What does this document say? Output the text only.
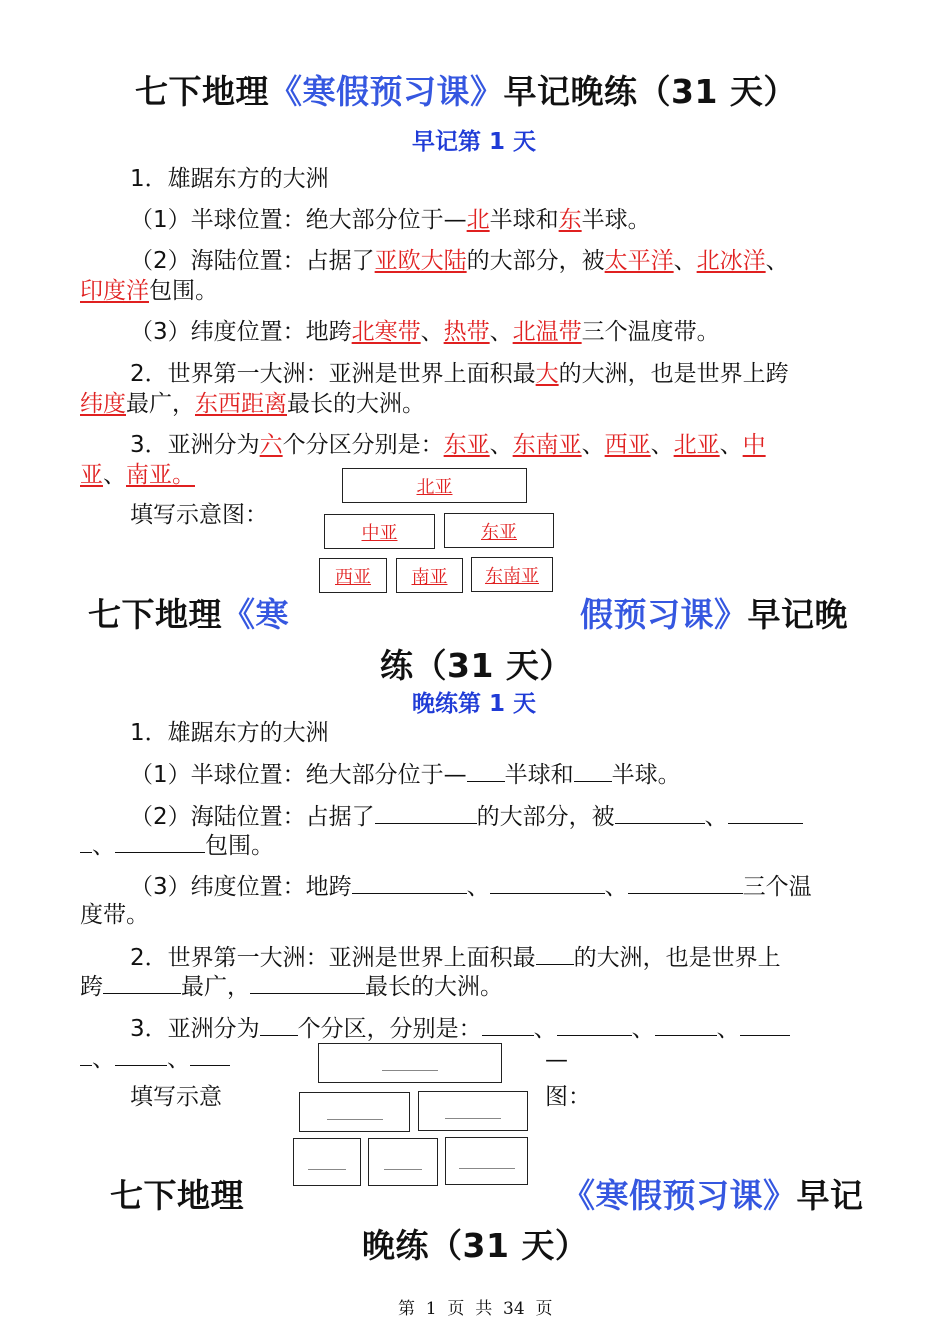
七下地理《寒假预习课》早记晚练（31 天）
早记第 1 天
1．雄踞东方的大洲
（1）半球位置：绝大部分位于—北半球和东半球。
（2）海陆位置：占据了亚欧大陆的大部分，被太平洋、北冰洋、
印度洋包围。
（3）纬度位置：地跨北寒带、热带、北温带三个温度带。
2．世界第一大洲：亚洲是世界上面积最大的大洲，也是世界上跨
纬度最广，东西距离最长的大洲。
3．亚洲分为六个分区分别是：东亚、东南亚、西亚、北亚、中
亚、南亚。
填写示意图：
北亚
中亚	东亚
西亚 南亚 东南亚
七下地理《寒	假预习课》早记晚
练（31 天）
晚练第 1 天
1．雄踞东方的大洲
（1）半球位置：绝大部分位于— 半球和 半球。
（2）海陆位置：占据了	的大部分，被	、
、	包围。
（3）纬度位置：地跨	、	、	三个温
度带。
2．世界第一大洲：亚洲是世界上面积最 的大洲，也是世界上
跨	最广，	最长的大洲。
3．亚洲分为 个分区，分别是： 、	、	、
、 、	—
填写示意	图：
七下地理	《寒假预习课》早记
晚练（31 天）
第  1  页  共  34  页
